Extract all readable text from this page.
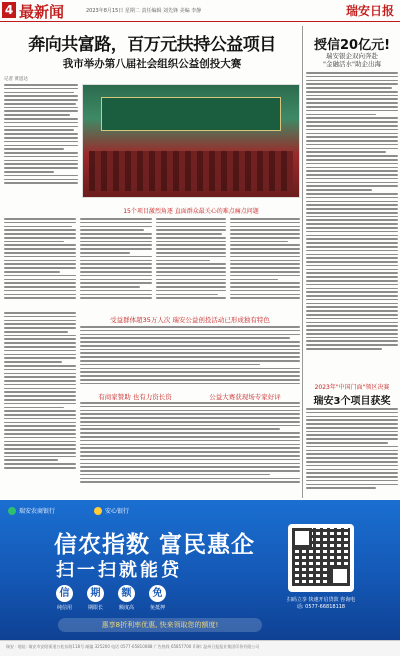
4 最新闻	2023年8月15日 星期二 责任编辑 刘先锋 美编 李静	瑞安日报
奔向共富路，百万元扶持公益项目
我市举办第八届社会组织公益创投大赛
记者 黄思达
15个项目激烈角逐 直面群众最关心的难点痛点问题
受益群体超35万人次 瑞安公益创投活动已形成独有特色
有商家赞助 也有力资长资	公益大赛获现场专家好评
授信20亿元!
瑞安银企双向奔赴
"金融活水"助企出海
2023年"中国门面"领区决赛
瑞安3个项目获奖
瑞安农商银行	安心银行
信农指数 富民惠企
扫一扫就能贷
信
纯信用
期
期限长
额
额度高
免
免抵押
惠享8折利率优惠, 快来领取您的额度!
扫码立享 快速开启贷款 咨询电话: 0577-66818118
瑞安 · 地址: 瑞安市安阳街道万松东路118号 邮编 325200 电话 0577-65810088 广告热线 65857700 印刷: 温州日报报业集团印务有限公司
